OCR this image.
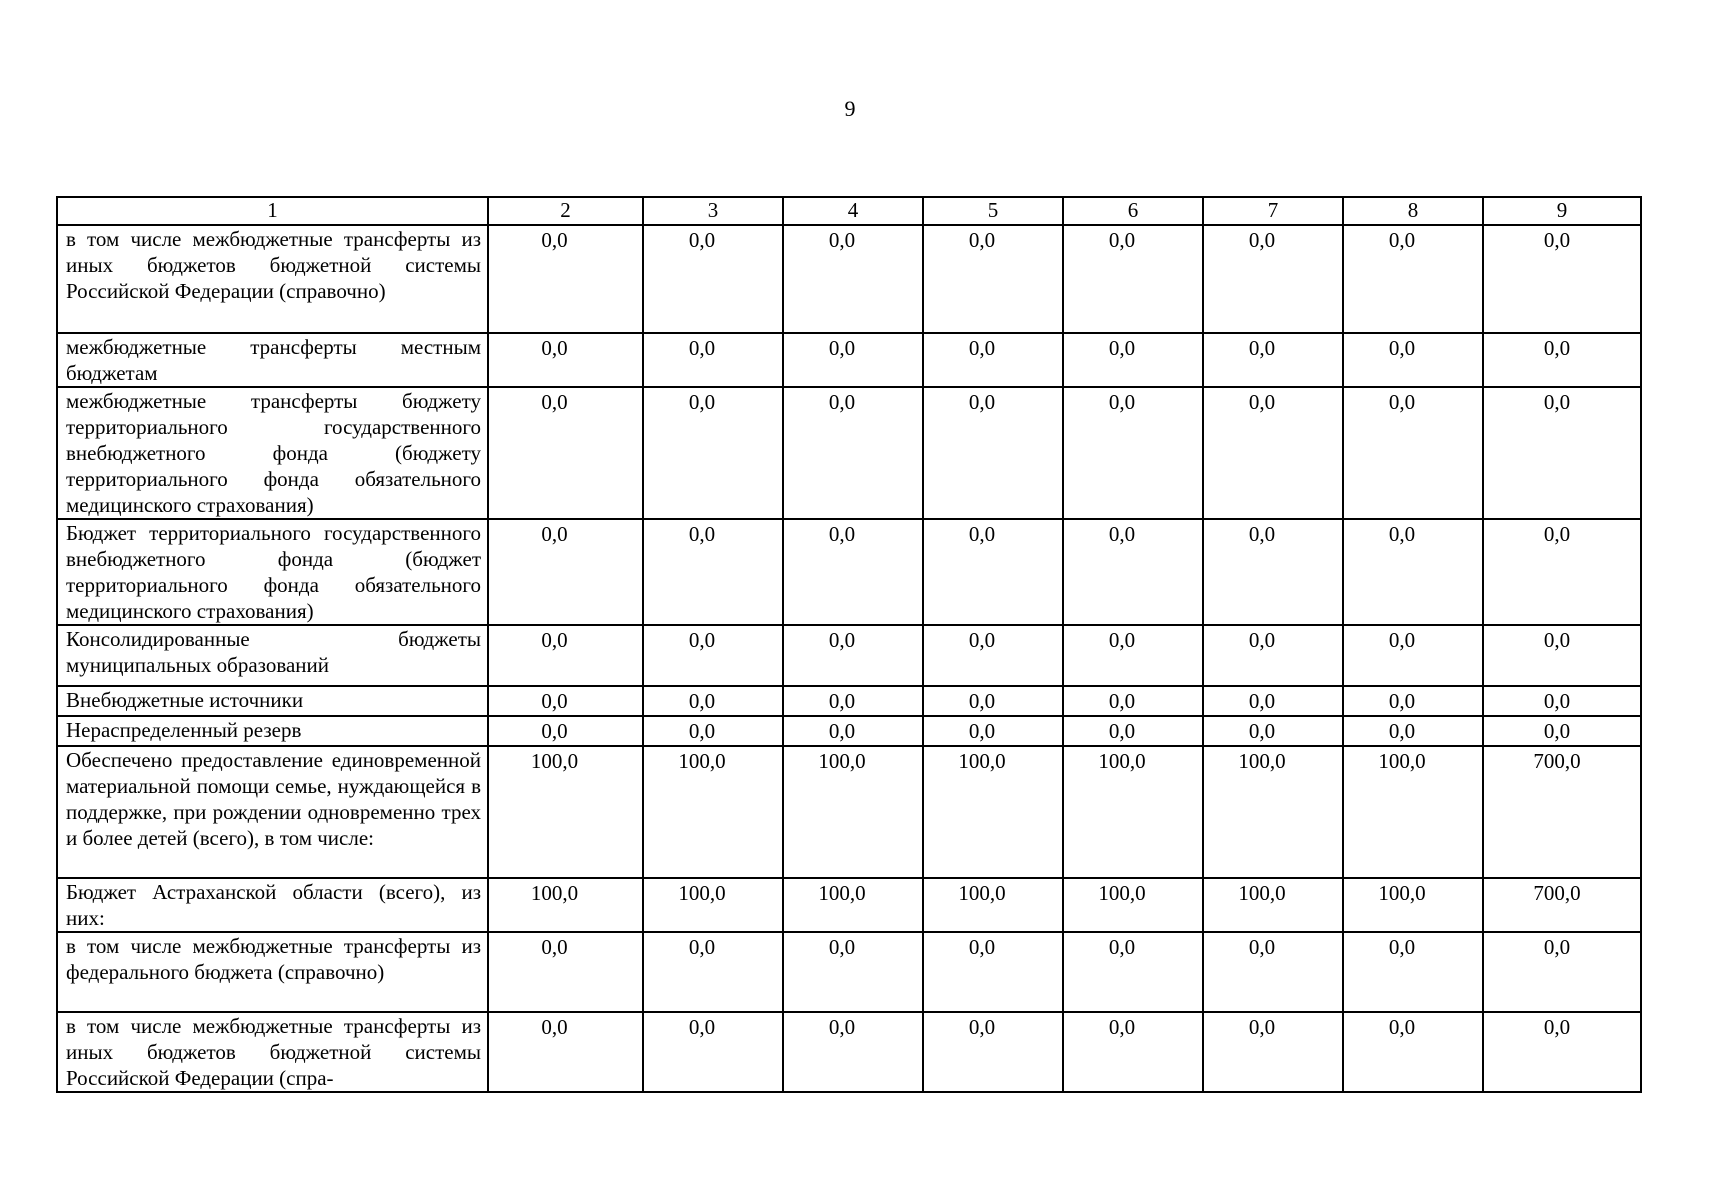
9
1	2	3	4	5	6	7	8	9
в том числе межбюджетные трансферты из иных бюджетов бюджетной системы Российской Федерации (справочно)	0,0	0,0	0,0	0,0	0,0	0,0	0,0	0,0
межбюджетные трансферты местным бюджетам	0,0	0,0	0,0	0,0	0,0	0,0	0,0	0,0
межбюджетные трансферты бюджету территориального государственного внебюджетного фонда (бюджету территориального фонда обязательного медицинского страхования)	0,0	0,0	0,0	0,0	0,0	0,0	0,0	0,0
Бюджет территориального государственного внебюджетного фонда (бюджет территориального фонда обязательного медицинского страхования)	0,0	0,0	0,0	0,0	0,0	0,0	0,0	0,0
Консолидированные бюджеты муниципальных образований	0,0	0,0	0,0	0,0	0,0	0,0	0,0	0,0
Внебюджетные источники	0,0	0,0	0,0	0,0	0,0	0,0	0,0	0,0
Нераспределенный резерв	0,0	0,0	0,0	0,0	0,0	0,0	0,0	0,0
Обеспечено предоставление единовременной материальной помощи семье, нуждающейся в поддержке, при рождении одновременно трех и более детей (всего), в том числе:	100,0	100,0	100,0	100,0	100,0	100,0	100,0	700,0
Бюджет Астраханской области (всего), из них:	100,0	100,0	100,0	100,0	100,0	100,0	100,0	700,0
в том числе межбюджетные трансферты из федерального бюджета (справочно)	0,0	0,0	0,0	0,0	0,0	0,0	0,0	0,0
в том числе межбюджетные трансферты из иных бюджетов бюджетной системы Российской Федерации (спра-	0,0	0,0	0,0	0,0	0,0	0,0	0,0	0,0
